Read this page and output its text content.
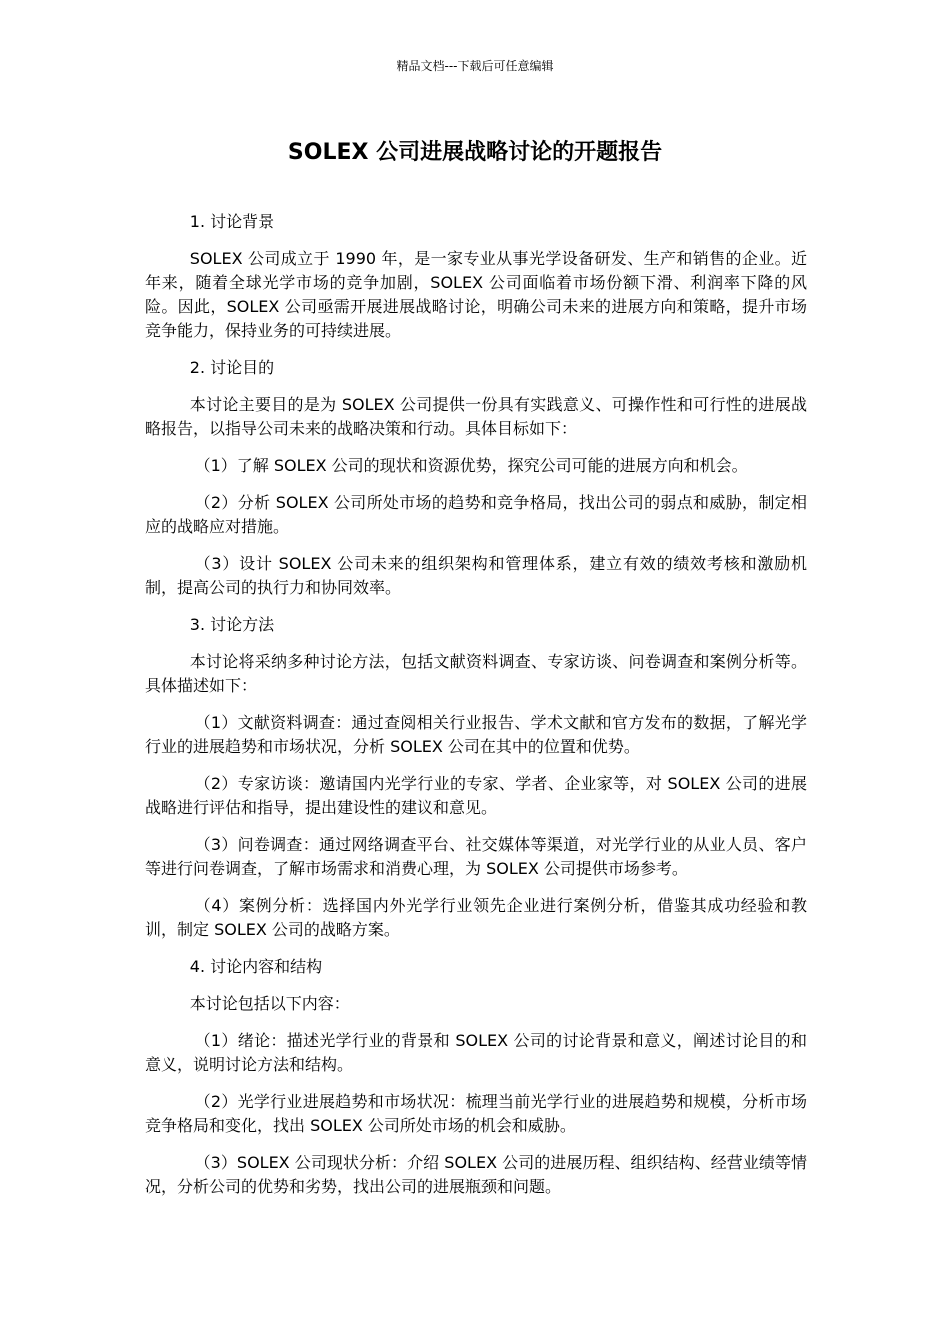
精品文档---下载后可任意编辑
SOLEX 公司进展战略讨论的开题报告

1. 讨论背景

SOLEX 公司成立于 1990 年，是一家专业从事光学设备研发、生产和销售的企业。近年来，随着全球光学市场的竞争加剧，SOLEX 公司面临着市场份额下滑、利润率下降的风险。因此，SOLEX 公司亟需开展进展战略讨论，明确公司未来的进展方向和策略，提升市场竞争能力，保持业务的可持续进展。

2. 讨论目的

本讨论主要目的是为 SOLEX 公司提供一份具有实践意义、可操作性和可行性的进展战略报告，以指导公司未来的战略决策和行动。具体目标如下：

（1）了解 SOLEX 公司的现状和资源优势，探究公司可能的进展方向和机会。

（2）分析 SOLEX 公司所处市场的趋势和竞争格局，找出公司的弱点和威胁，制定相应的战略应对措施。

（3）设计 SOLEX 公司未来的组织架构和管理体系，建立有效的绩效考核和激励机制，提高公司的执行力和协同效率。

3. 讨论方法

本讨论将采纳多种讨论方法，包括文献资料调查、专家访谈、问卷调查和案例分析等。具体描述如下：

（1）文献资料调查：通过查阅相关行业报告、学术文献和官方发布的数据，了解光学行业的进展趋势和市场状况，分析 SOLEX 公司在其中的位置和优势。

（2）专家访谈：邀请国内光学行业的专家、学者、企业家等，对 SOLEX 公司的进展战略进行评估和指导，提出建设性的建议和意见。

（3）问卷调查：通过网络调查平台、社交媒体等渠道，对光学行业的从业人员、客户等进行问卷调查，了解市场需求和消费心理，为 SOLEX 公司提供市场参考。

（4）案例分析：选择国内外光学行业领先企业进行案例分析，借鉴其成功经验和教训，制定 SOLEX 公司的战略方案。

4. 讨论内容和结构

本讨论包括以下内容：

（1）绪论：描述光学行业的背景和 SOLEX 公司的讨论背景和意义，阐述讨论目的和意义，说明讨论方法和结构。

（2）光学行业进展趋势和市场状况：梳理当前光学行业的进展趋势和规模，分析市场竞争格局和变化，找出 SOLEX 公司所处市场的机会和威胁。

（3）SOLEX 公司现状分析：介绍 SOLEX 公司的进展历程、组织结构、经营业绩等情况，分析公司的优势和劣势，找出公司的进展瓶颈和问题。
